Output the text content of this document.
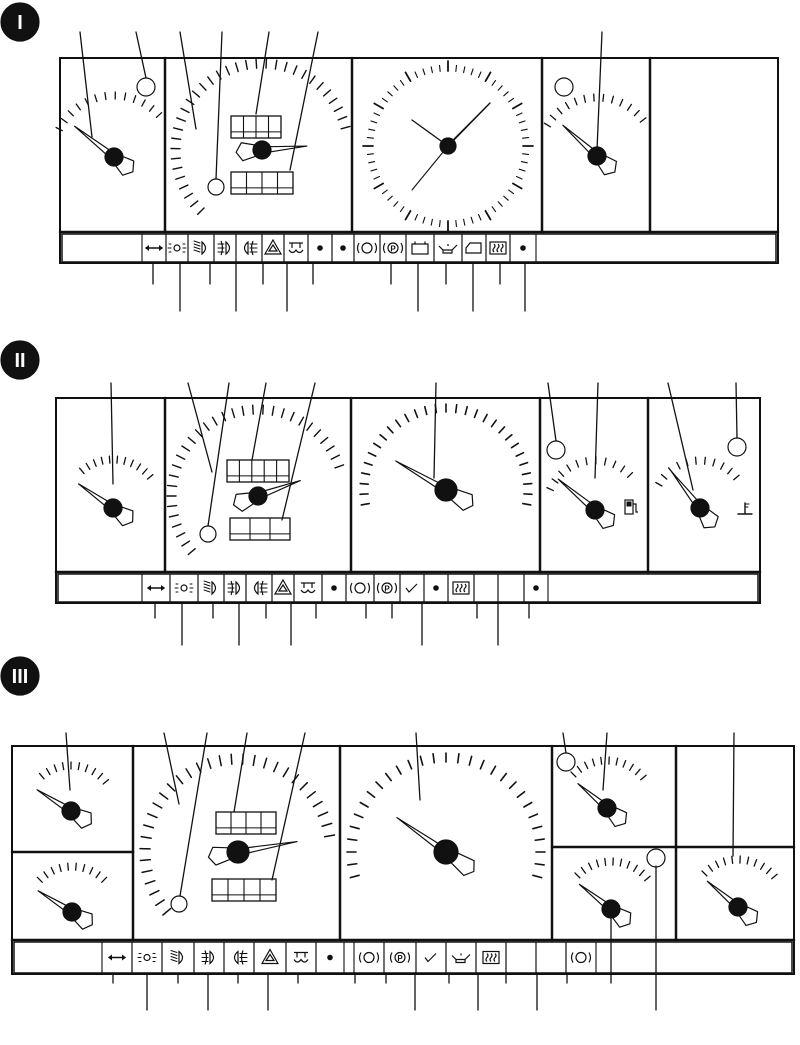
I
P
II
P
III
P
